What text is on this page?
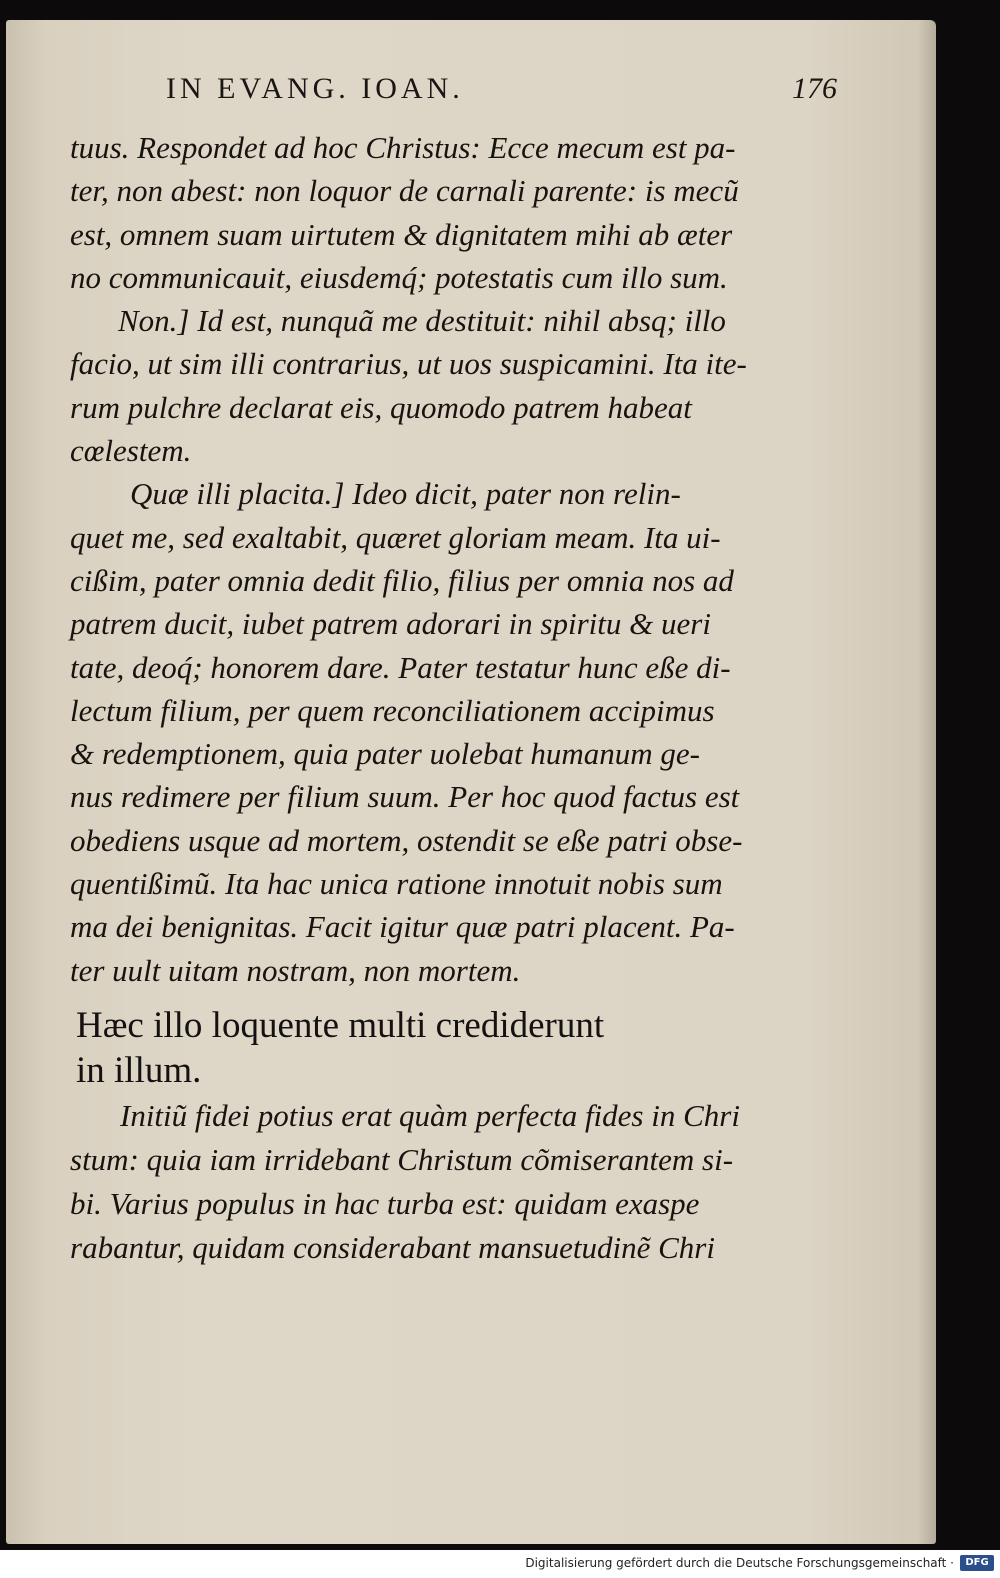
IN EVANG. IOAN.	176
tuus. Respondet ad hoc Christus: Ecce mecum est pa-
ter, non abest: non loquor de carnali parente: is mecũ
est, omnem suam uirtutem & dignitatem mihi ab æter
no communicauit, eiusdemq́; potestatis cum illo sum.
Non.] Id est, nunquã me destituit: nihil absq; illo
facio, ut sim illi contrarius, ut uos suspicamini. Ita ite-
rum pulchre declarat eis, quomodo patrem habeat
cœlestem.
Quæ illi placita.] Ideo dicit, pater non relin-
quet me, sed exaltabit, quæret gloriam meam. Ita ui-
cißim, pater omnia dedit filio, filius per omnia nos ad
patrem ducit, iubet patrem adorari in spiritu & ueri
tate, deoq́; honorem dare. Pater testatur hunc eße di-
lectum filium, per quem reconciliationem accipimus
& redemptionem, quia pater uolebat humanum ge-
nus redimere per filium suum. Per hoc quod factus est
obediens usque ad mortem, ostendit se eße patri obse-
quentißimũ. Ita hac unica ratione innotuit nobis sum
ma dei benignitas. Facit igitur quæ patri placent. Pa-
ter uult uitam nostram, non mortem.
Hæc illo loquente multi crediderunt
in illum.
Initiũ fidei potius erat quàm perfecta fides in Chri
stum: quia iam irridebant Christum cõmiserantem si-
bi. Varius populus in hac turba est: quidam exaspe
rabantur, quidam considerabant mansuetudinẽ Chri
Digitalisierung gefördert durch die Deutsche Forschungsgemeinschaft ·	DFG
